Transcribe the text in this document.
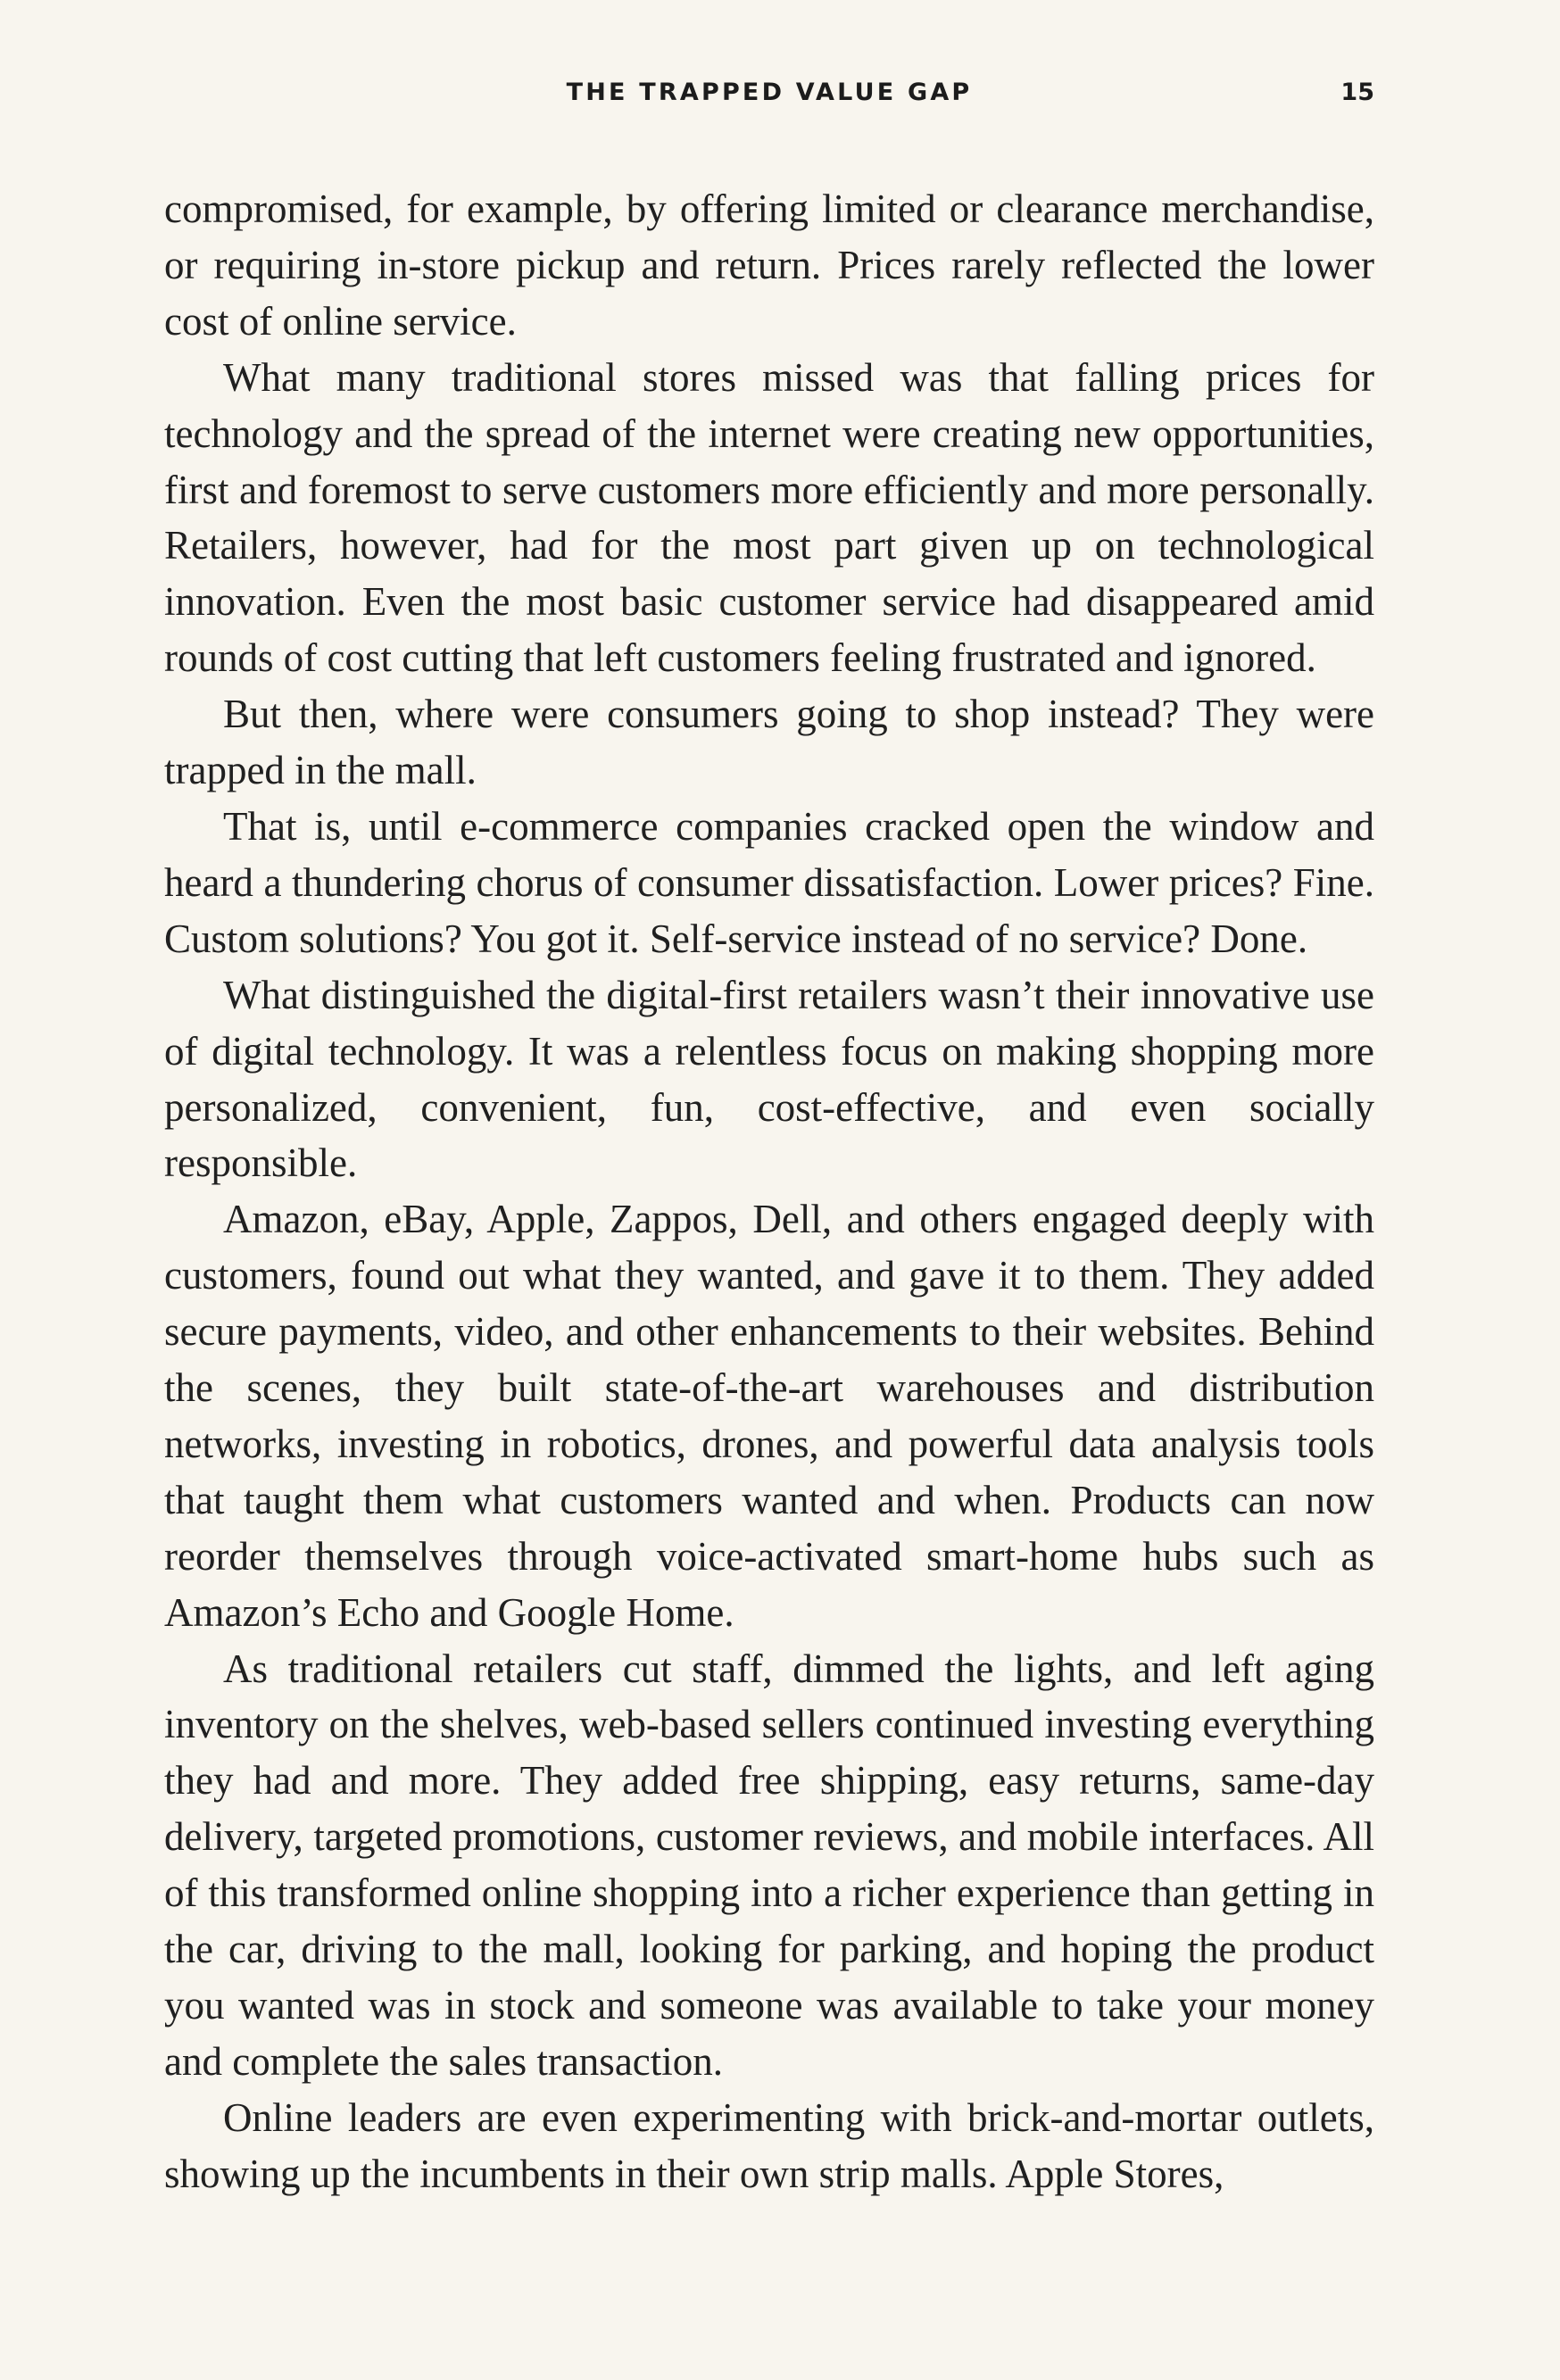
THE TRAPPED VALUE GAP	15

compromised, for example, by offering limited or clearance merchandise, or requiring in-store pickup and return. Prices rarely reflected the lower cost of online service.

What many traditional stores missed was that falling prices for technology and the spread of the internet were creating new opportunities, first and foremost to serve customers more efficiently and more personally. Retailers, however, had for the most part given up on technological innovation. Even the most basic customer service had disappeared amid rounds of cost cutting that left customers feeling frustrated and ignored.

But then, where were consumers going to shop instead? They were trapped in the mall.

That is, until e-commerce companies cracked open the window and heard a thundering chorus of consumer dissatisfaction. Lower prices? Fine. Custom solutions? You got it. Self-service instead of no service? Done.

What distinguished the digital-first retailers wasn’t their innovative use of digital technology. It was a relentless focus on making shopping more personalized, convenient, fun, cost-effective, and even socially responsible.

Amazon, eBay, Apple, Zappos, Dell, and others engaged deeply with customers, found out what they wanted, and gave it to them. They added secure payments, video, and other enhancements to their websites. Behind the scenes, they built state-of-the-art warehouses and distribution networks, investing in robotics, drones, and powerful data analysis tools that taught them what customers wanted and when. Products can now reorder themselves through voice-activated smart-home hubs such as Amazon’s Echo and Google Home.

As traditional retailers cut staff, dimmed the lights, and left aging inventory on the shelves, web-based sellers continued investing everything they had and more. They added free shipping, easy returns, same-day delivery, targeted promotions, customer reviews, and mobile interfaces. All of this transformed online shopping into a richer experience than getting in the car, driving to the mall, looking for parking, and hoping the product you wanted was in stock and someone was available to take your money and complete the sales transaction.

Online leaders are even experimenting with brick-and-mortar outlets, showing up the incumbents in their own strip malls. Apple Stores,
